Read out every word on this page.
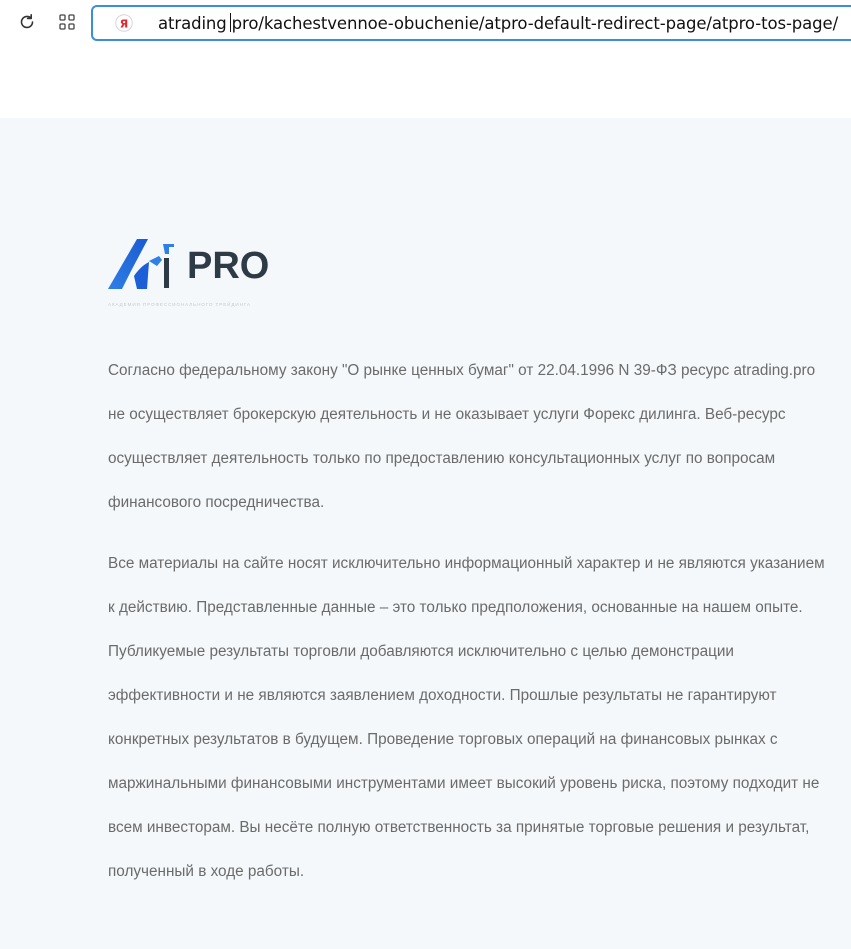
Я atrading pro/kachestvennoe-obuchenie/atpro-default-redirect-page/atpro-tos-page/
PRO
АКАДЕМИЯ ПРОФЕССИОНАЛЬНОГО ТРЕЙДИНГА

Согласно федеральному закону "О рынке ценных бумаг" от 22.04.1996 N 39-ФЗ ресурс atrading.pro не осуществляет брокерскую деятельность и не оказывает услуги Форекс дилинга. Веб-ресурс осуществляет деятельность только по предоставлению консультационных услуг по вопросам финансового посредничества.

Все материалы на сайте носят исключительно информационный характер и не являются указанием к действию. Представленные данные – это только предположения, основанные на нашем опыте. Публикуемые результаты торговли добавляются исключительно с целью демонстрации эффективности и не являются заявлением доходности. Прошлые результаты не гарантируют конкретных результатов в будущем. Проведение торговых операций на финансовых рынках с маржинальными финансовыми инструментами имеет высокий уровень риска, поэтому подходит не всем инвесторам. Вы несёте полную ответственность за принятые торговые решения и результат, полученный в ходе работы.
